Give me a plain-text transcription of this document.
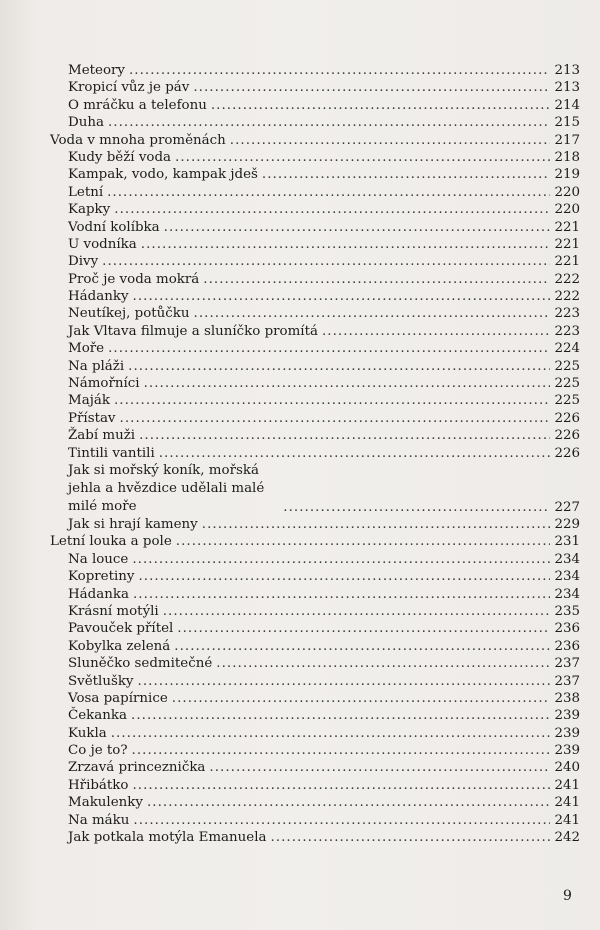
Meteory . . .	213
Kropicí vůz je páv . . .	213
O mráčku a telefonu . . .	214
Duha . . .	215
Voda v mnoha proměnách . . .	217
Kudy běží voda . . .	218
Kampak, vodo, kampak jdeš . . .	219
Letní . . .	220
Kapky . . .	220
Vodní kolíbka . . .	221
U vodníka . . .	221
Divy . . .	221
Proč je voda mokrá . . .	222
Hádanky . . .	222
Neutíkej, potůčku . . .	223
Jak Vltava filmuje a sluníčko promítá . . .	223
Moře . . .	224
Na pláži . . .	225
Námořníci . . .	225
Maják . . .	225
Přístav . . .	226
Žabí muži . . .	226
Tintili vantili . . .	226
Jak si mořský koník, mořská jehla a hvězdice udělali malé milé moře . . .	227
Jak si hrají kameny . . .	229
Letní louka a pole . . .	231
Na louce . . .	234
Kopretiny . . .	234
Hádanka . . .	234
Krásní motýli . . .	235
Pavouček přítel . . .	236
Kobylka zelená . . .	236
Sluněčko sedmitečné . . .	237
Světlušky . . .	237
Vosa papírnice . . .	238
Čekanka . . .	239
Kukla . . .	239
Co je to? . . .	239
Zrzavá princeznička . . .	240
Hřibátko . . .	241
Makulenky . . .	241
Na máku . . .	241
Jak potkala motýla Emanuela . . .	242
9
